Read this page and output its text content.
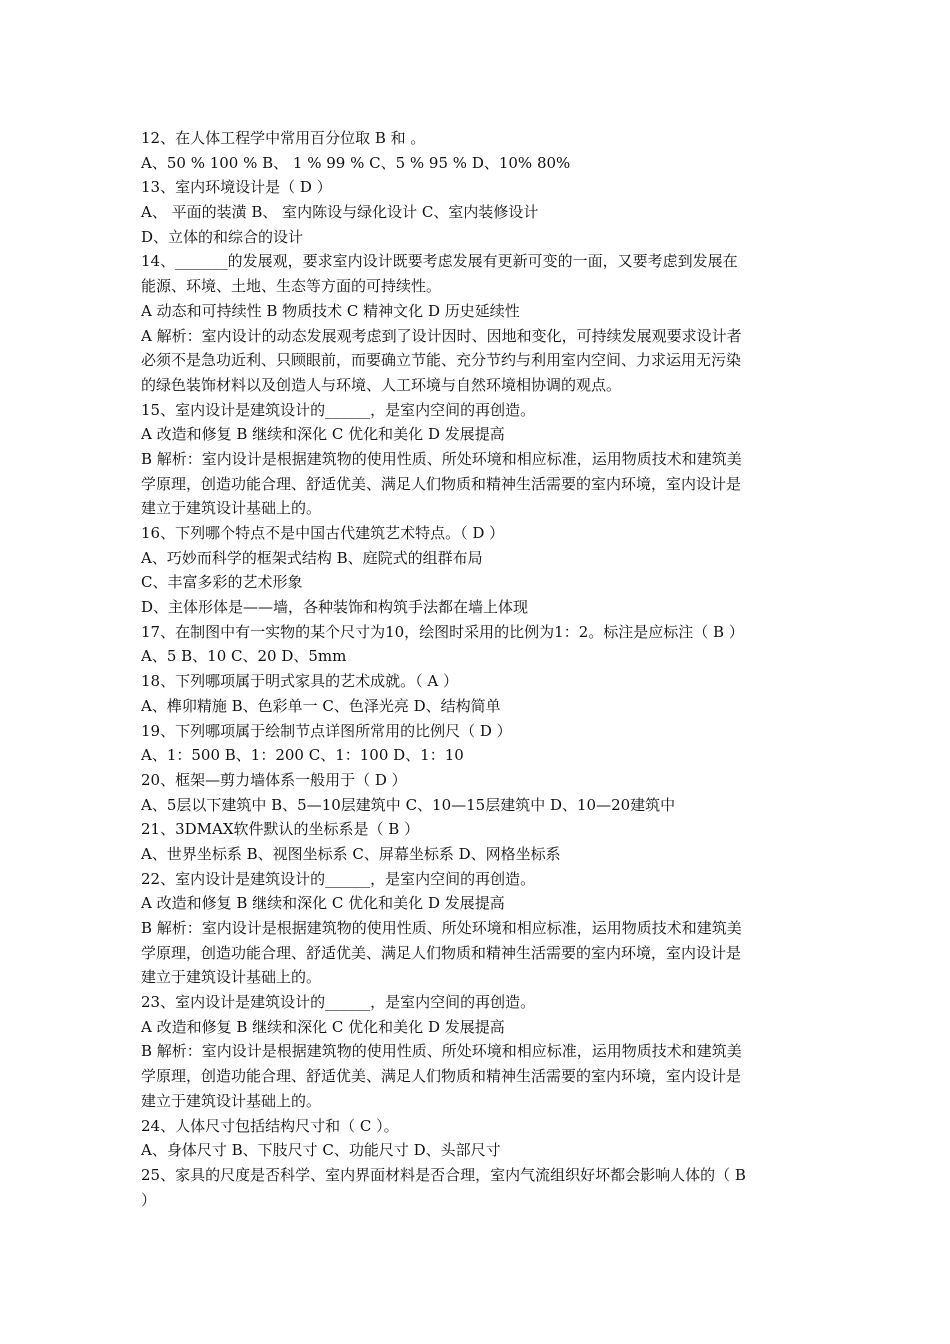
12、在人体工程学中常用百分位取 B 和 。
A、50 % 100 % B、 1 % 99 % C、5 % 95 % D、10% 80%
13、室内环境设计是（ D ）
A、 平面的装潢 B、 室内陈设与绿化设计 C、室内装修设计
D、立体的和综合的设计
14、_______的发展观，要求室内设计既要考虑发展有更新可变的一面，又要考虑到发展在
能源、环境、土地、生态等方面的可持续性。
A 动态和可持续性 B 物质技术 C 精神文化 D 历史延续性
A 解析：室内设计的动态发展观考虑到了设计因时、因地和变化，可持续发展观要求设计者
必须不是急功近利、只顾眼前，而要确立节能、充分节约与利用室内空间、力求运用无污染
的绿色装饰材料以及创造人与环境、人工环境与自然环境相协调的观点。
15、室内设计是建筑设计的______，是室内空间的再创造。
A 改造和修复 B 继续和深化 C 优化和美化 D 发展提高
B 解析：室内设计是根据建筑物的使用性质、所处环境和相应标准，运用物质技术和建筑美
学原理，创造功能合理、舒适优美、满足人们物质和精神生活需要的室内环境，室内设计是
建立于建筑设计基础上的。
16、下列哪个特点不是中国古代建筑艺术特点。（ D ）
A、巧妙而科学的框架式结构 B、庭院式的组群布局
C、丰富多彩的艺术形象
D、主体形体是——墙，各种装饰和构筑手法都在墙上体现
17、在制图中有一实物的某个尺寸为10，绘图时采用的比例为1：2。标注是应标注（ B ）
A、5 B、10 C、20 D、5mm
18、下列哪项属于明式家具的艺术成就。（ A ）
A、榫卯精施 B、色彩单一 C、色泽光亮 D、结构简单
19、下列哪项属于绘制节点详图所常用的比例尺（ D ）
A、1：500 B、1：200 C、1：100 D、1：10
20、框架—剪力墙体系一般用于（ D ）
A、5层以下建筑中 B、5—10层建筑中 C、10—15层建筑中 D、10—20建筑中
21、3DMAX软件默认的坐标系是（ B ）
A、世界坐标系 B、视图坐标系 C、屏幕坐标系 D、网格坐标系
22、室内设计是建筑设计的______，是室内空间的再创造。
A 改造和修复 B 继续和深化 C 优化和美化 D 发展提高
B 解析：室内设计是根据建筑物的使用性质、所处环境和相应标准，运用物质技术和建筑美
学原理，创造功能合理、舒适优美、满足人们物质和精神生活需要的室内环境，室内设计是
建立于建筑设计基础上的。
23、室内设计是建筑设计的______，是室内空间的再创造。
A 改造和修复 B 继续和深化 C 优化和美化 D 发展提高
B 解析：室内设计是根据建筑物的使用性质、所处环境和相应标准，运用物质技术和建筑美
学原理，创造功能合理、舒适优美、满足人们物质和精神生活需要的室内环境，室内设计是
建立于建筑设计基础上的。
24、人体尺寸包括结构尺寸和（ C ）。
A、身体尺寸 B、下肢尺寸 C、功能尺寸 D、头部尺寸
25、家具的尺度是否科学、室内界面材料是否合理，室内气流组织好坏都会影响人体的（ B
）
